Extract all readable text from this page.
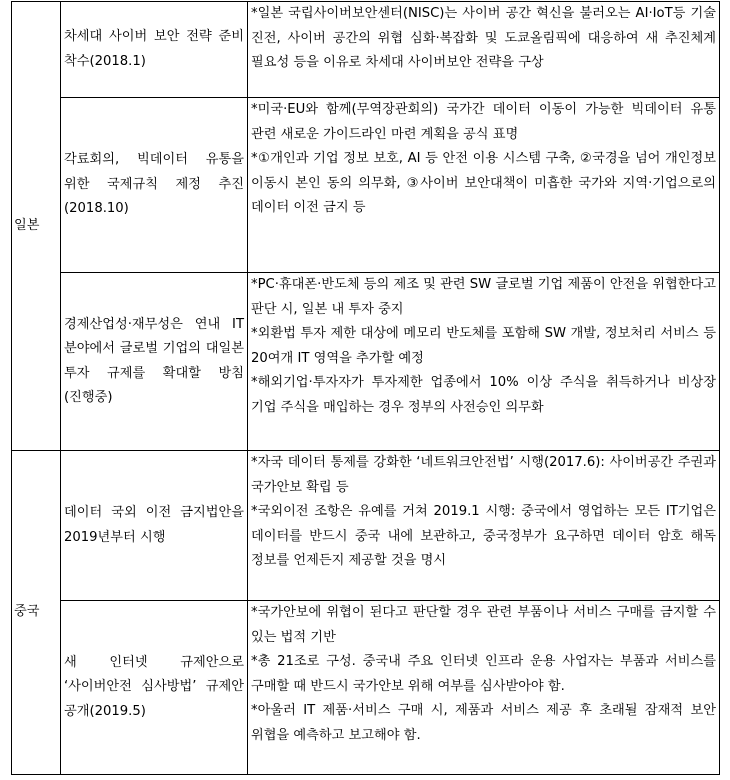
일본	차세대 사이버 보안 전략 준비 착수(2018.1)	*일본 국립사이버보안센터(NISC)는 사이버 공간 혁신을 불러오는 AI·IoT등 기술 진전, 사이버 공간의 위협 심화·복잡화 및 도쿄올림픽에 대응하여 새 추진체계 필요성 등을 이유로 차세대 사이버보안 전략을 구상

	각료회의, 빅데이터 유통을 위한 국제규칙 제정 추진(2018.10)	*미국·EU와 함께(무역장관회의) 국가간 데이터 이동이 가능한 빅데이터 유통 관련 새로운 가이드라인 마련 계획을 공식 표명
*①개인과 기업 정보 보호, AI 등 안전 이용 시스템 구축, ②국경을 넘어 개인정보 이동시 본인 동의 의무화, ③사이버 보안대책이 미흡한 국가와 지역·기업으로의 데이터 이전 금지 등

	경제산업성·재무성은 연내 IT 분야에서 글로벌 기업의 대일본 투자 규제를 확대할 방침(진행중)	*PC·휴대폰·반도체 등의 제조 및 관련 SW 글로벌 기업 제품이 안전을 위협한다고 판단 시, 일본 내 투자 중지
*외환법 투자 제한 대상에 메모리 반도체를 포함해 SW 개발, 정보처리 서비스 등 20여개 IT 영역을 추가할 예정
*해외기업·투자자가 투자제한 업종에서 10% 이상 주식을 취득하거나 비상장 기업 주식을 매입하는 경우 정부의 사전승인 의무화

중국	데이터 국외 이전 금지법안을 2019년부터 시행	*자국 데이터 통제를 강화한 ‘네트워크안전법’ 시행(2017.6): 사이버공간 주권과 국가안보 확립 등
*국외이전 조항은 유예를 거쳐 2019.1 시행: 중국에서 영업하는 모든 IT기업은 데이터를 반드시 중국 내에 보관하고, 중국정부가 요구하면 데이터 암호 해독 정보를 언제든지 제공할 것을 명시

	새 인터넷 규제안으로 ‘사이버안전 심사방법’ 규제안 공개(2019.5)	*국가안보에 위협이 된다고 판단할 경우 관련 부품이나 서비스 구매를 금지할 수 있는 법적 기반
*총 21조로 구성. 중국내 주요 인터넷 인프라 운용 사업자는 부품과 서비스를 구매할 때 반드시 국가안보 위해 여부를 심사받아야 함.
*아울러 IT 제품·서비스 구매 시, 제품과 서비스 제공 후 초래될 잠재적 보안 위협을 예측하고 보고해야 함.
